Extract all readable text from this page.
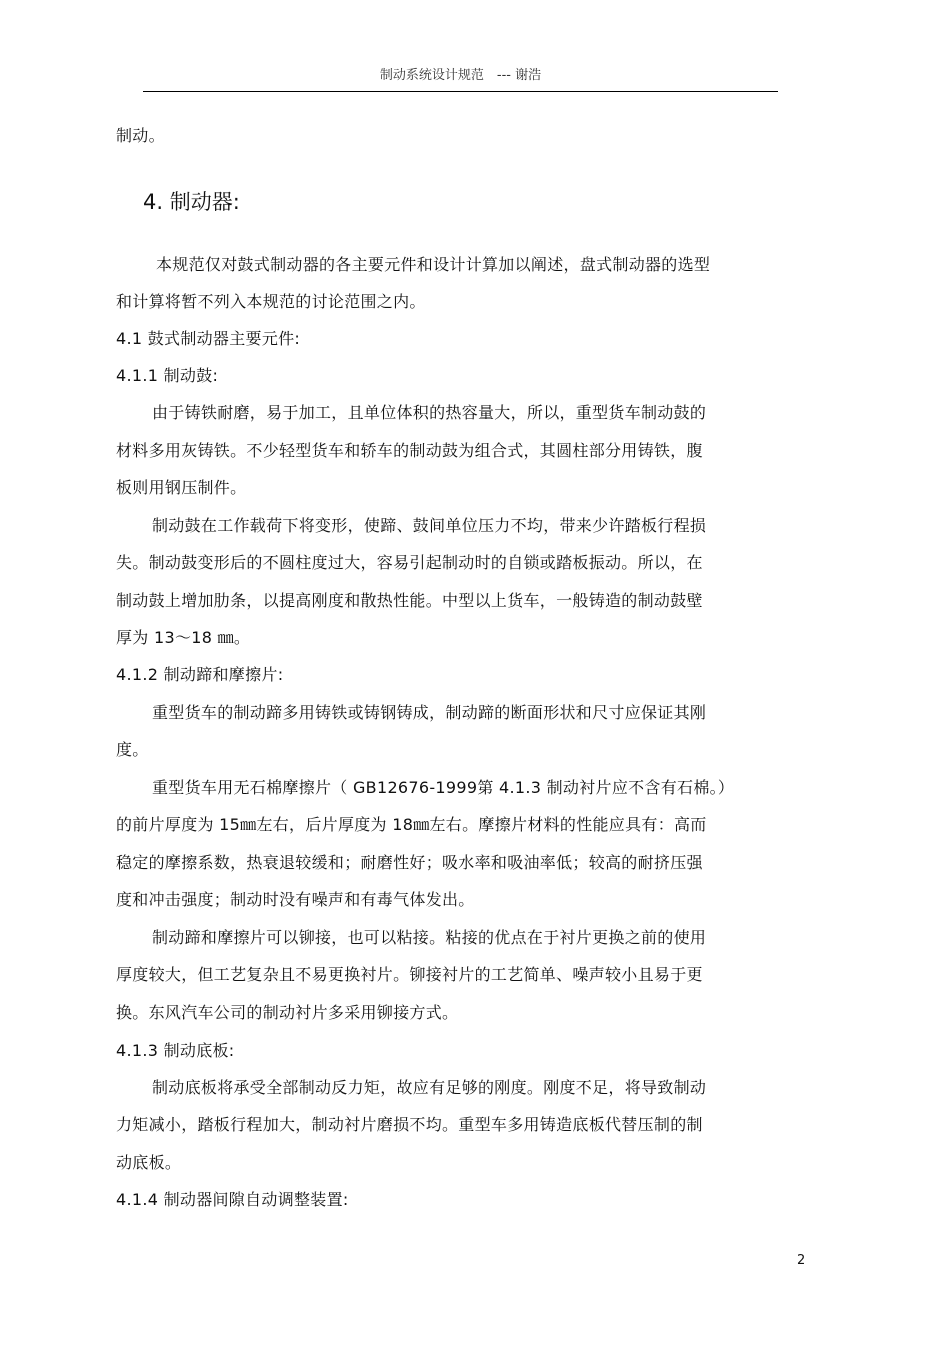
制动系统设计规范　--- 谢浩
制动。
4. 制动器:
本规范仅对鼓式制动器的各主要元件和设计计算加以阐述，盘式制动器的选型
和计算将暂不列入本规范的讨论范围之内。
4.1 鼓式制动器主要元件:
4.1.1 制动鼓:
由于铸铁耐磨，易于加工，且单位体积的热容量大，所以，重型货车制动鼓的
材料多用灰铸铁。不少轻型货车和轿车的制动鼓为组合式，其圆柱部分用铸铁，腹
板则用钢压制件。
制动鼓在工作载荷下将变形，使蹄、鼓间单位压力不均，带来少许踏板行程损
失。制动鼓变形后的不圆柱度过大，容易引起制动时的自锁或踏板振动。所以，在
制动鼓上增加肋条，以提高刚度和散热性能。中型以上货车，一般铸造的制动鼓壁
厚为 13～18 ㎜。
4.1.2 制动蹄和摩擦片:
重型货车的制动蹄多用铸铁或铸钢铸成，制动蹄的断面形状和尺寸应保证其刚
度。
重型货车用无石棉摩擦片（ GB12676-1999第 4.1.3 制动衬片应不含有石棉。）
的前片厚度为 15㎜左右，后片厚度为 18㎜左右。摩擦片材料的性能应具有：高而
稳定的摩擦系数，热衰退较缓和；耐磨性好；吸水率和吸油率低；较高的耐挤压强
度和冲击强度；制动时没有噪声和有毒气体发出。
制动蹄和摩擦片可以铆接，也可以粘接。粘接的优点在于衬片更换之前的使用
厚度较大，但工艺复杂且不易更换衬片。铆接衬片的工艺简单、噪声较小且易于更
换。东风汽车公司的制动衬片多采用铆接方式。
4.1.3 制动底板:
制动底板将承受全部制动反力矩，故应有足够的刚度。刚度不足，将导致制动
力矩减小，踏板行程加大，制动衬片磨损不均。重型车多用铸造底板代替压制的制
动底板。
4.1.4 制动器间隙自动调整装置:
2
